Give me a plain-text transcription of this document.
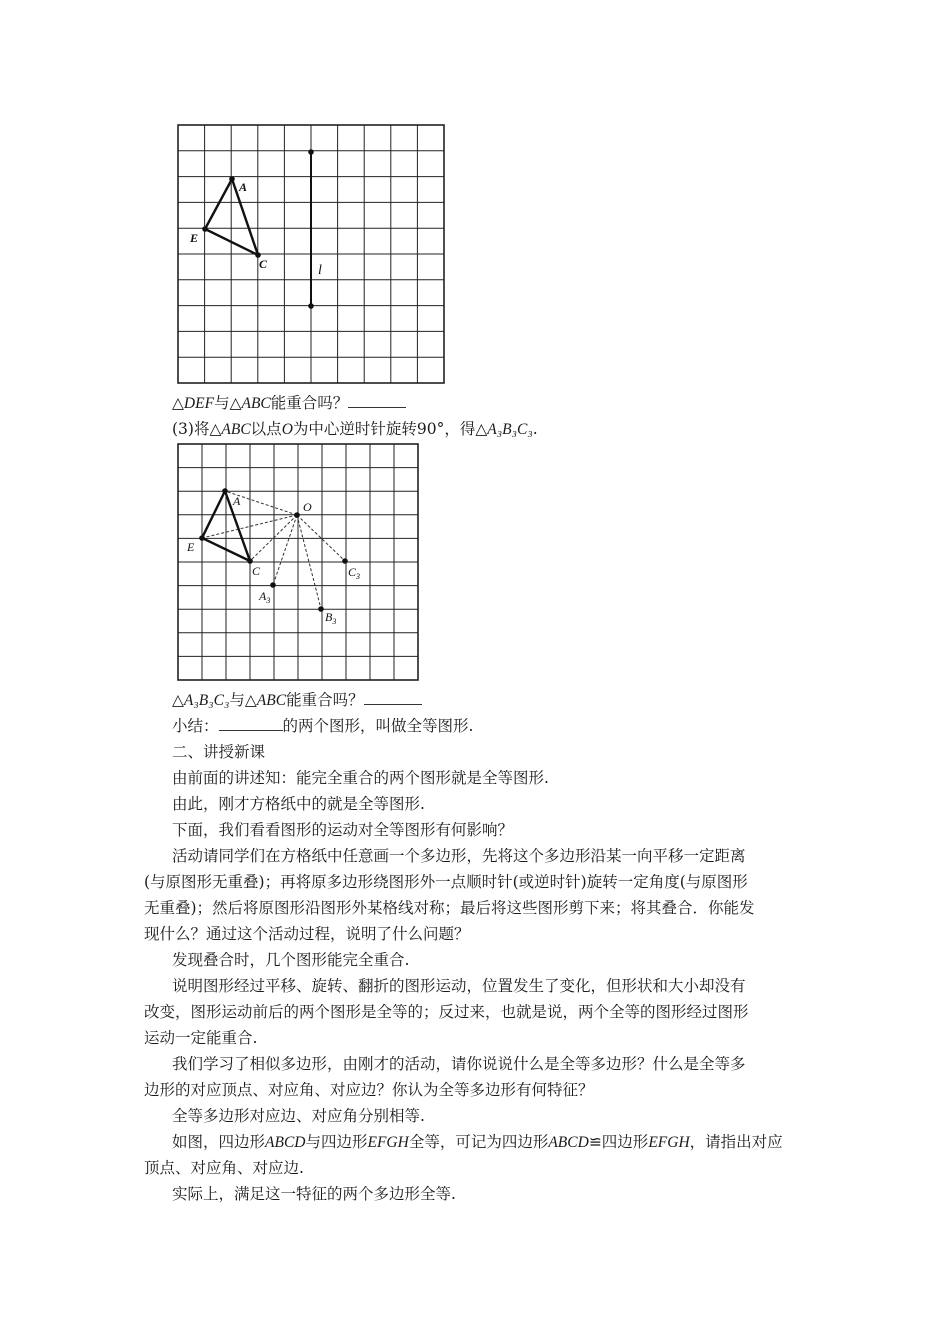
A
E
C	l
△DEF与△ABC能重合吗？
(3)将△ABC以点O为中心逆时针旋转90°，得△A₃B₃C₃.
A
E
C
O
$C_3$
$A_3$
$B_3$
△A₃B₃C₃与△ABC能重合吗？
小结：	的两个图形，叫做全等图形.
二、讲授新课
由前面的讲述知：能完全重合的两个图形就是全等图形.
由此，刚才方格纸中的就是全等图形.
下面，我们看看图形的运动对全等图形有何影响？
活动请同学们在方格纸中任意画一个多边形，先将这个多边形沿某一向平移一定距离
(与原图形无重叠)；再将原多边形绕图形外一点顺时针(或逆时针)旋转一定角度(与原图形
无重叠)；然后将原图形沿图形外某格线对称；最后将这些图形剪下来；将其叠合．你能发
现什么？通过这个活动过程，说明了什么问题？
发现叠合时，几个图形能完全重合.
说明图形经过平移、旋转、翻折的图形运动，位置发生了变化，但形状和大小却没有
改变，图形运动前后的两个图形是全等的；反过来，也就是说，两个全等的图形经过图形
运动一定能重合.
我们学习了相似多边形，由刚才的活动，请你说说什么是全等多边形？什么是全等多
边形的对应顶点、对应角、对应边？你认为全等多边形有何特征？
全等多边形对应边、对应角分别相等.
如图，四边形ABCD与四边形EFGH全等，可记为四边形ABCD≌四边形EFGH，请指出对应
顶点、对应角、对应边.
实际上，满足这一特征的两个多边形全等.
